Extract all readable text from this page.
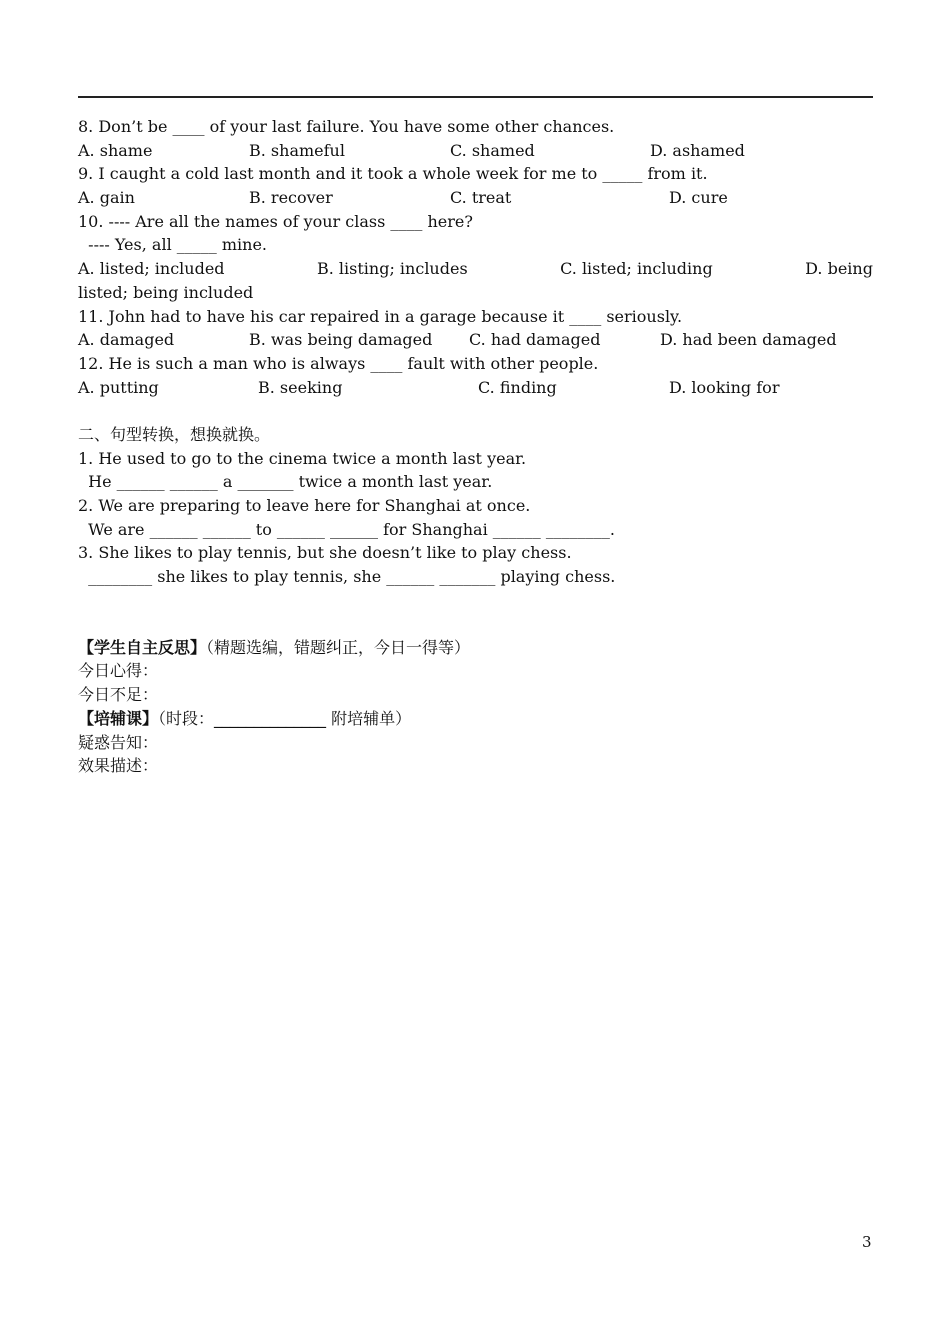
8. Don’t be ____ of your last failure. You have some other chances.
A. shame	B. shameful	C. shamed	D. ashamed
9. I caught a cold last month and it took a whole week for me to _____ from it.
A. gain	B. recover	C. treat	D. cure
10. ---- Are all the names of your class ____ here?
---- Yes, all _____ mine.
A. listed; included	B. listing; includes	C. listed; including	D. being
listed; being included
11. John had to have his car repaired in a garage because it ____ seriously.
A. damaged	B. was being damaged	C. had damaged	D. had been damaged
12. He is such a man who is always ____ fault with other people.
A. putting	B. seeking	C. finding	D. looking for
二、句型转换，想换就换。
1. He used to go to the cinema twice a month last year.
He ______ ______ a _______ twice a month last year.
2. We are preparing to leave here for Shanghai at once.
We are ______ ______ to ______ ______ for Shanghai ______ ________.
3. She likes to play tennis, but she doesn’t like to play chess.
________ she likes to play tennis, she ______ _______ playing chess.
【学生自主反思】（精题选编，错题纠正，今日一得等）
今日心得：
今日不足：
【培辅课】（时段：______________ 附培辅单）
疑惑告知：
效果描述：
3
